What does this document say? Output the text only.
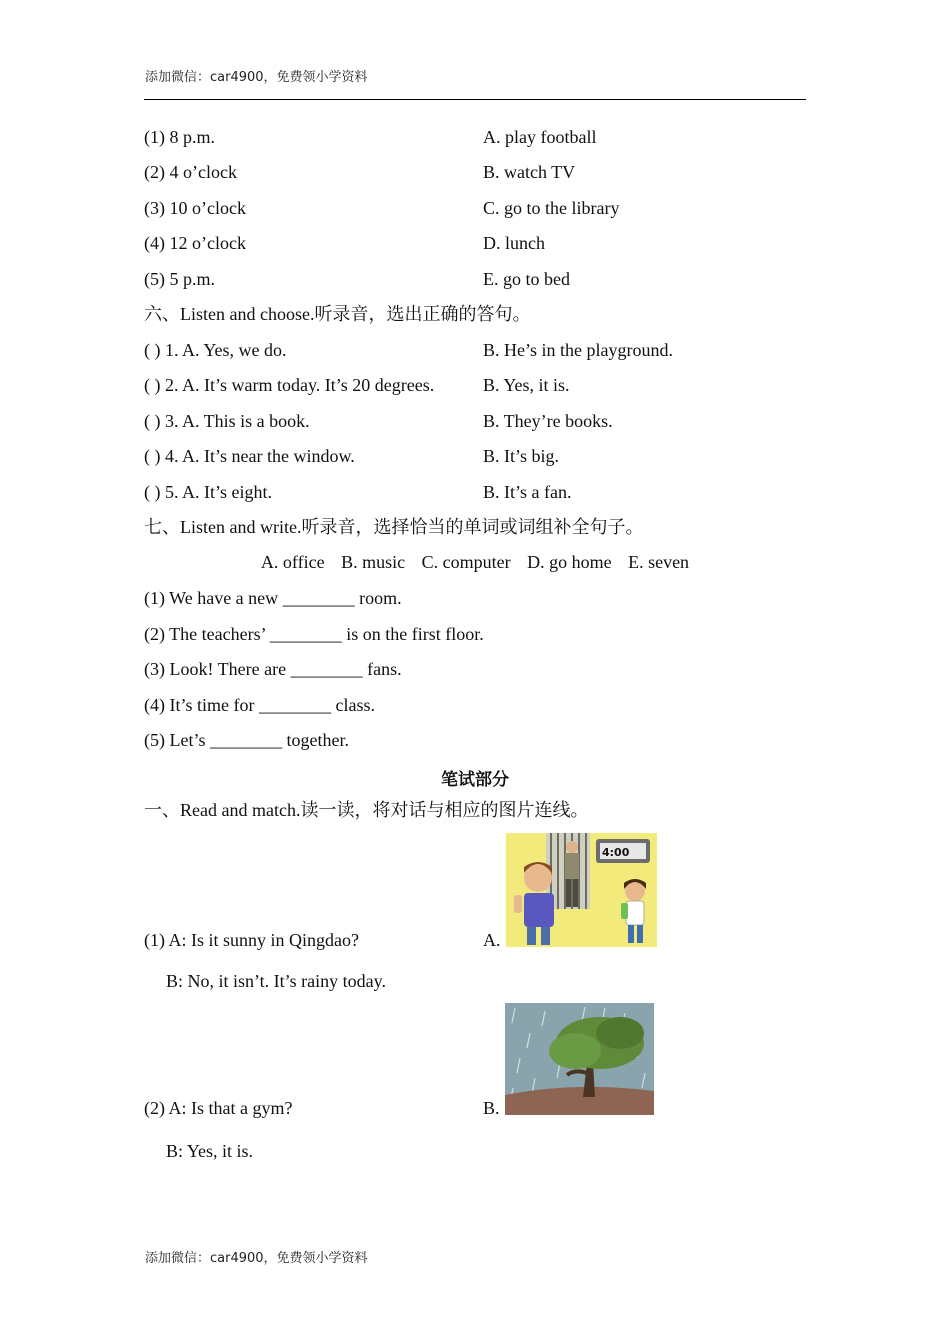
添加微信：car4900，免费领小学资料
(1) 8 p.m.	A. play football
(2) 4 o’clock	B. watch TV
(3) 10 o’clock	C. go to the library
(4) 12 o’clock	D. lunch
(5) 5 p.m.	E. go to bed
六、Listen and choose.听录音，选出正确的答句。
( ) 1. A. Yes, we do.	B. He’s in the playground.
( ) 2. A. It’s warm today. It’s 20 degrees.	B. Yes, it is.
( ) 3. A. This is a book.	B. They’re books.
( ) 4. A. It’s near the window.	B. It’s big.
( ) 5. A. It’s eight.	B. It’s a fan.
七、Listen and write.听录音，选择恰当的单词或词组补全句子。
A. office B. music C. computer D. go home E. seven
(1) We have a new ________ room.
(2) The teachers’ ________ is on the first floor.
(3) Look! There are ________ fans.
(4) It’s time for ________ class.
(5) Let’s ________ together.
笔试部分
一、Read and match.读一读，将对话与相应的图片连线。
(1) A: Is it sunny in Qingdao?
B: No, it isn’t. It’s rainy today.
A.
4:00
(2) A: Is that a gym?
B: Yes, it is.
B.
添加微信：car4900，免费领小学资料
